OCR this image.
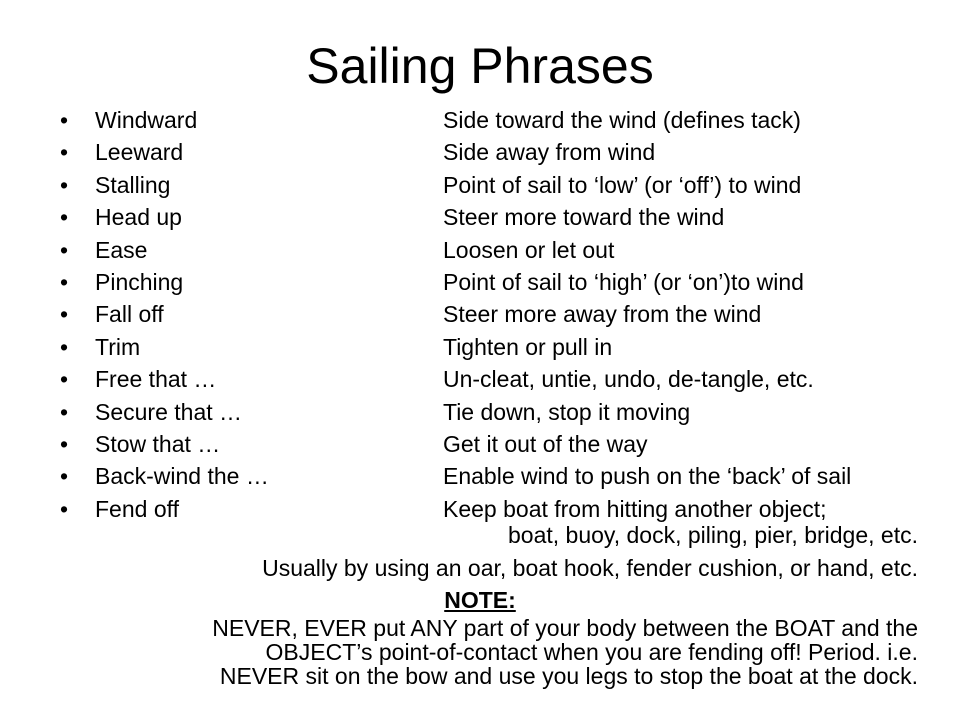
Sailing Phrases
• Windward	Side toward the wind (defines tack)
• Leeward	Side away from wind
• Stalling	Point of sail to ‘low’ (or ‘off’) to wind
• Head up	Steer more toward the wind
• Ease	Loosen or let out
• Pinching	Point of sail to ‘high’ (or ‘on’)to wind
• Fall off	Steer more away from the wind
• Trim	Tighten or pull in
• Free that …	Un-cleat, untie, undo, de-tangle, etc.
• Secure that …	Tie down, stop it moving
• Stow that …	Get it out of the way
• Back-wind the …	Enable wind to push on the ‘back’ of sail
• Fend off	Keep boat from hitting another object;
boat, buoy, dock, piling, pier, bridge, etc.
Usually by using an oar, boat hook, fender cushion, or hand, etc.
NOTE:
NEVER, EVER put ANY part of your body between the BOAT and the
OBJECT’s point-of-contact when you are fending off! Period. i.e.
NEVER sit on the bow and use you legs to stop the boat at the dock.
